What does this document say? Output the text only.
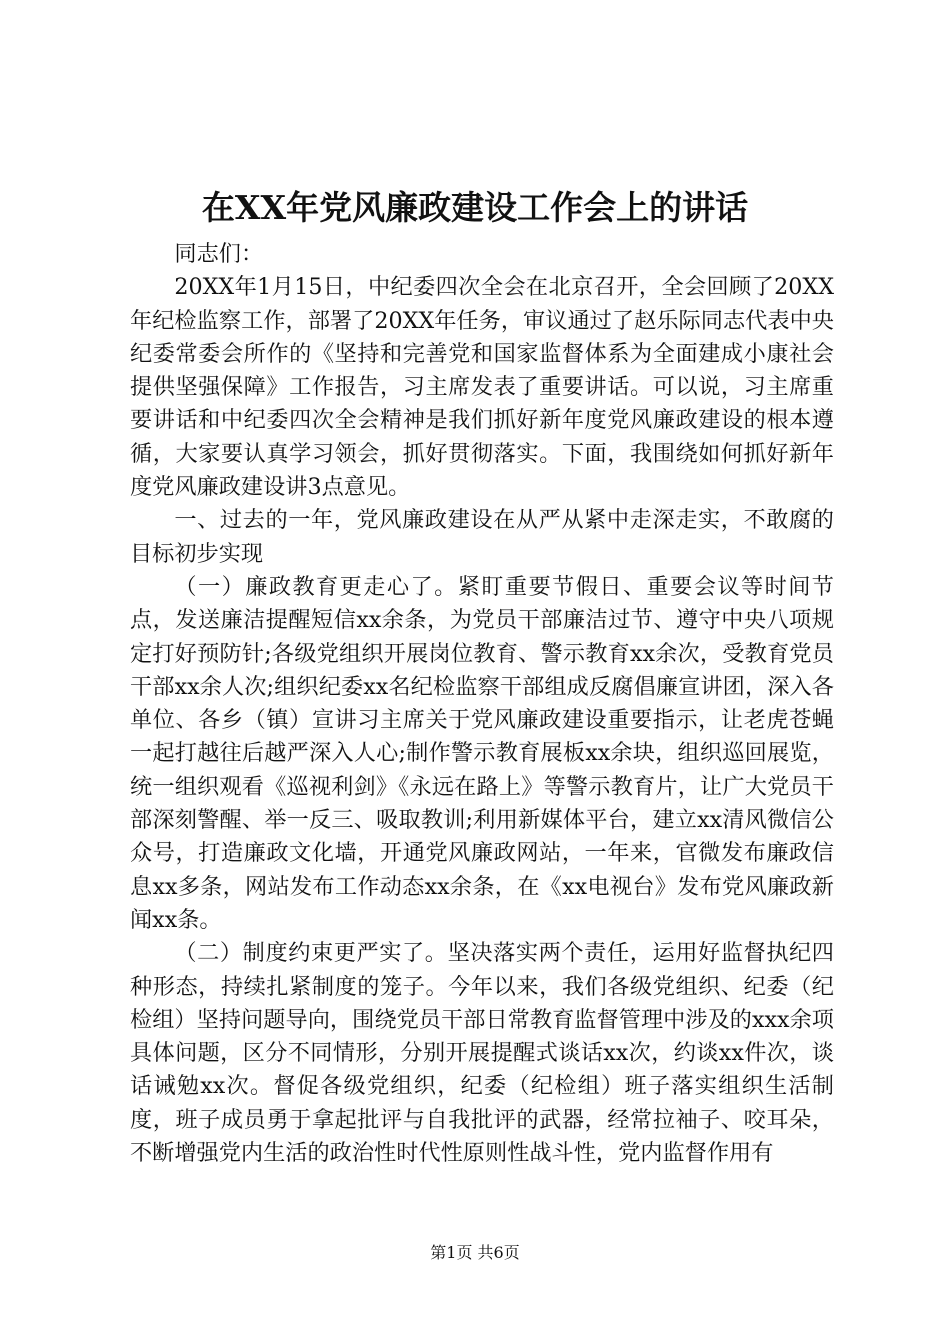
在XX年党风廉政建设工作会上的讲话

同志们：

20XX年1月15日，中纪委四次全会在北京召开，全会回顾了20XX年纪检监察工作，部署了20XX年任务，审议通过了赵乐际同志代表中央纪委常委会所作的《坚持和完善党和国家监督体系为全面建成小康社会提供坚强保障》工作报告，习主席发表了重要讲话。可以说，习主席重要讲话和中纪委四次全会精神是我们抓好新年度党风廉政建设的根本遵循，大家要认真学习领会，抓好贯彻落实。下面，我围绕如何抓好新年度党风廉政建设讲3点意见。

一、过去的一年，党风廉政建设在从严从紧中走深走实，不敢腐的目标初步实现

（一）廉政教育更走心了。紧盯重要节假日、重要会议等时间节点，发送廉洁提醒短信xx余条，为党员干部廉洁过节、遵守中央八项规定打好预防针;各级党组织开展岗位教育、警示教育xx余次，受教育党员干部xx余人次;组织纪委xx名纪检监察干部组成反腐倡廉宣讲团，深入各单位、各乡（镇）宣讲习主席关于党风廉政建设重要指示，让老虎苍蝇一起打越往后越严深入人心;制作警示教育展板xx余块，组织巡回展览，统一组织观看《巡视利剑》《永远在路上》等警示教育片，让广大党员干部深刻警醒、举一反三、吸取教训;利用新媒体平台，建立xx清风微信公众号，打造廉政文化墙，开通党风廉政网站，一年来，官微发布廉政信息xx多条，网站发布工作动态xx余条，在《xx电视台》发布党风廉政新闻xx条。

（二）制度约束更严实了。坚决落实两个责任，运用好监督执纪四种形态，持续扎紧制度的笼子。今年以来，我们各级党组织、纪委（纪检组）坚持问题导向，围绕党员干部日常教育监督管理中涉及的xxx余项具体问题，区分不同情形，分别开展提醒式谈话xx次，约谈xx件次，谈话诫勉xx次。督促各级党组织，纪委（纪检组）班子落实组织生活制度，班子成员勇于拿起批评与自我批评的武器，经常拉袖子、咬耳朵，不断增强党内生活的政治性时代性原则性战斗性，党内监督作用有

第1页 共6页
